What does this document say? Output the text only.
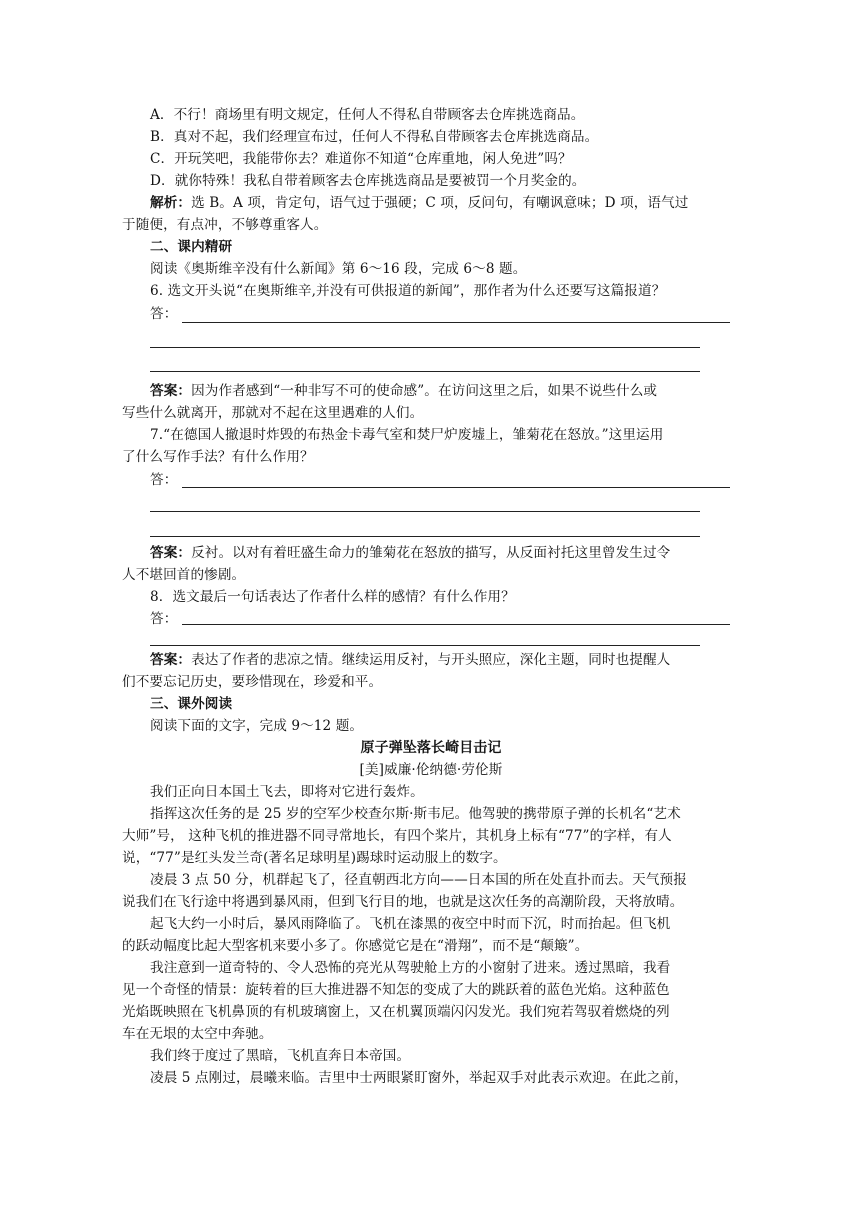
A．不行！商场里有明文规定，任何人不得私自带顾客去仓库挑选商品。
B．真对不起，我们经理宣布过，任何人不得私自带顾客去仓库挑选商品。
C．开玩笑吧，我能带你去？难道你不知道“仓库重地，闲人免进”吗？
D．就你特殊！我私自带着顾客去仓库挑选商品是要被罚一个月奖金的。
解析：选 B。A 项，肯定句，语气过于强硬；C 项，反问句，有嘲讽意味；D 项，语气过
于随便，有点冲，不够尊重客人。
二、课内精研
阅读《奥斯维辛没有什么新闻》第 6～16 段，完成 6～8 题。
6. 选文开头说“在奥斯维辛,并没有可供报道的新闻”，那作者为什么还要写这篇报道？
答：
答案：因为作者感到“一种非写不可的使命感”。在访问这里之后，如果不说些什么或
写些什么就离开，那就对不起在这里遇难的人们。
7.“在德国人撤退时炸毁的布热金卡毒气室和焚尸炉废墟上，雏菊花在怒放。”这里运用
了什么写作手法？有什么作用？
答：
答案：反衬。以对有着旺盛生命力的雏菊花在怒放的描写，从反面衬托这里曾发生过令
人不堪回首的惨剧。
8．选文最后一句话表达了作者什么样的感情？有什么作用？
答：
答案：表达了作者的悲凉之情。继续运用反衬，与开头照应，深化主题，同时也提醒人
们不要忘记历史，要珍惜现在，珍爱和平。
三、课外阅读
阅读下面的文字，完成 9～12 题。
原子弹坠落长崎目击记
[美]威廉·伦纳德·劳伦斯
我们正向日本国土飞去，即将对它进行轰炸。
指挥这次任务的是 25 岁的空军少校查尔斯·斯韦尼。他驾驶的携带原子弹的长机名“艺术
大师”号， 这种飞机的推进器不同寻常地长，有四个桨片，其机身上标有“77”的字样，有人
说，“77”是红头发兰奇(著名足球明星)踢球时运动服上的数字。
凌晨 3 点 50 分，机群起飞了，径直朝西北方向——日本国的所在处直扑而去。天气预报
说我们在飞行途中将遇到暴风雨，但到飞行目的地，也就是这次任务的高潮阶段，天将放晴。
起飞大约一小时后，暴风雨降临了。飞机在漆黑的夜空中时而下沉，时而抬起。但飞机
的跃动幅度比起大型客机来要小多了。你感觉它是在“滑翔”，而不是“颠簸”。
我注意到一道奇特的、令人恐怖的亮光从驾驶舱上方的小窗射了进来。透过黑暗，我看
见一个奇怪的情景：旋转着的巨大推进器不知怎的变成了大的跳跃着的蓝色光焰。这种蓝色
光焰既映照在飞机鼻顶的有机玻璃窗上，又在机翼顶端闪闪发光。我们宛若驾驭着燃烧的列
车在无垠的太空中奔驰。
我们终于度过了黑暗，飞机直奔日本帝国。
凌晨 5 点刚过，晨曦来临。吉里中士两眼紧盯窗外，举起双手对此表示欢迎。在此之前，
